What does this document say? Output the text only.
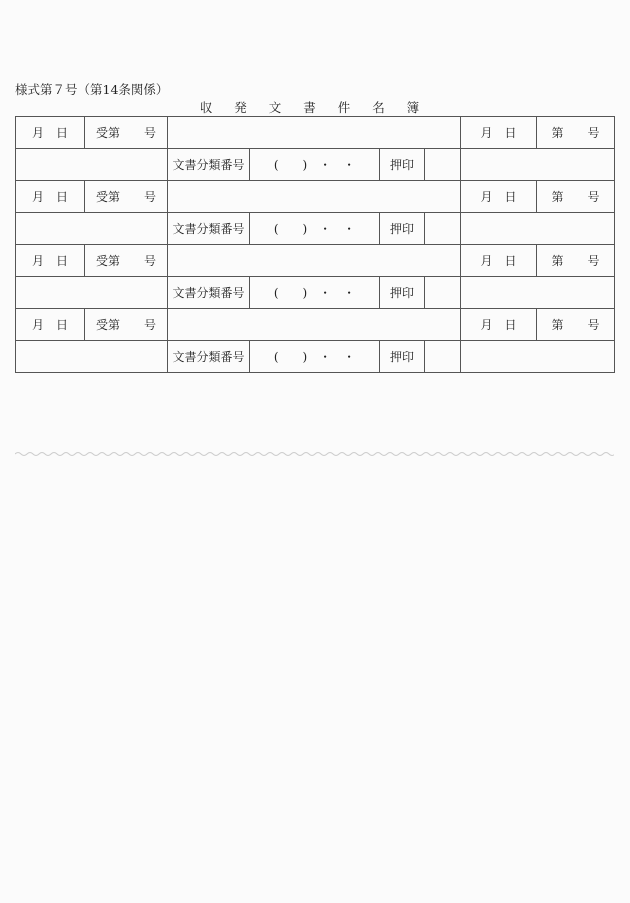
様式第７号（第14条関係）
収 発 文 書 件 名 簿
月　日	受第　　号					月　日	第　　号

		文書分類番号	(　　)　・　・	押印			
月　日	受第　　号					月　日	第　　号

		文書分類番号	(　　)　・　・	押印			
月　日	受第　　号					月　日	第　　号

		文書分類番号	(　　)　・　・	押印			
月　日	受第　　号					月　日	第　　号

		文書分類番号	(　　)　・　・	押印			
